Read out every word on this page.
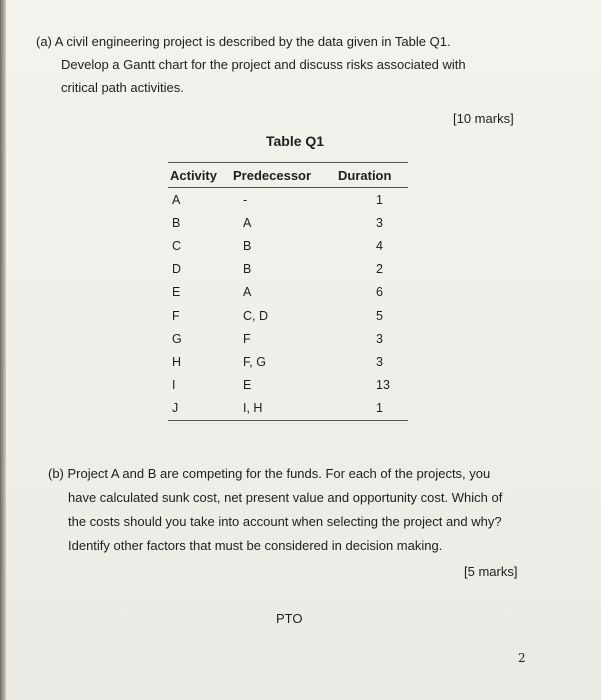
(a) A civil engineering project is described by the data given in Table Q1.
Develop a Gantt chart for the project and discuss risks associated with
critical path activities.
[10 marks]
Table Q1
Activity	Predecessor	Duration
A	-	1
B	A	3
C	B	4
D	B	2
E	A	6
F	C, D	5
G	F	3
H	F, G	3
I	E	13
J	I, H	1
(b) Project A and B are competing for the funds. For each of the projects, you
have calculated sunk cost, net present value and opportunity cost. Which of
the costs should you take into account when selecting the project and why?
Identify other factors that must be considered in decision making.
[5 marks]
PTO
2
